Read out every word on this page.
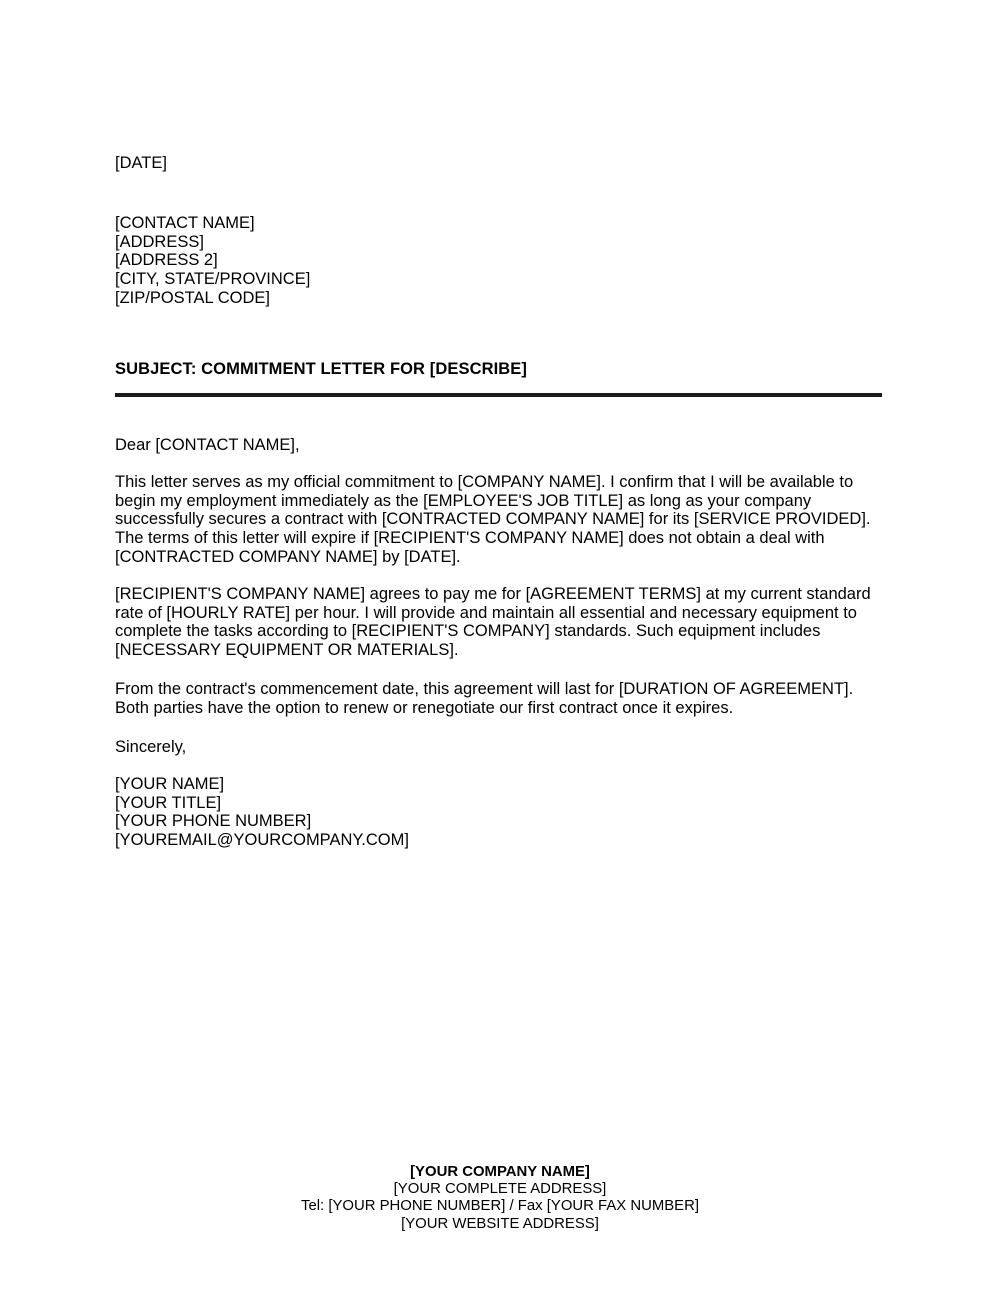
[DATE]
[CONTACT NAME]
[ADDRESS]
[ADDRESS 2]
[CITY, STATE/PROVINCE]
[ZIP/POSTAL CODE]
SUBJECT: COMMITMENT LETTER FOR [DESCRIBE]
Dear [CONTACT NAME],
This letter serves as my official commitment to [COMPANY NAME]. I confirm that I will be available to
begin my employment immediately as the [EMPLOYEE'S JOB TITLE] as long as your company
successfully secures a contract with [CONTRACTED COMPANY NAME] for its [SERVICE PROVIDED].
The terms of this letter will expire if [RECIPIENT'S COMPANY NAME] does not obtain a deal with
[CONTRACTED COMPANY NAME] by [DATE].
[RECIPIENT'S COMPANY NAME] agrees to pay me for [AGREEMENT TERMS] at my current standard
rate of [HOURLY RATE] per hour. I will provide and maintain all essential and necessary equipment to
complete the tasks according to [RECIPIENT'S COMPANY] standards. Such equipment includes
[NECESSARY EQUIPMENT OR MATERIALS].
From the contract's commencement date, this agreement will last for [DURATION OF AGREEMENT].
Both parties have the option to renew or renegotiate our first contract once it expires.
Sincerely,
[YOUR NAME]
[YOUR TITLE]
[YOUR PHONE NUMBER]
[YOUREMAIL@YOURCOMPANY.COM]
[YOUR COMPANY NAME]
[YOUR COMPLETE ADDRESS]
Tel: [YOUR PHONE NUMBER] / Fax [YOUR FAX NUMBER]
[YOUR WEBSITE ADDRESS]
